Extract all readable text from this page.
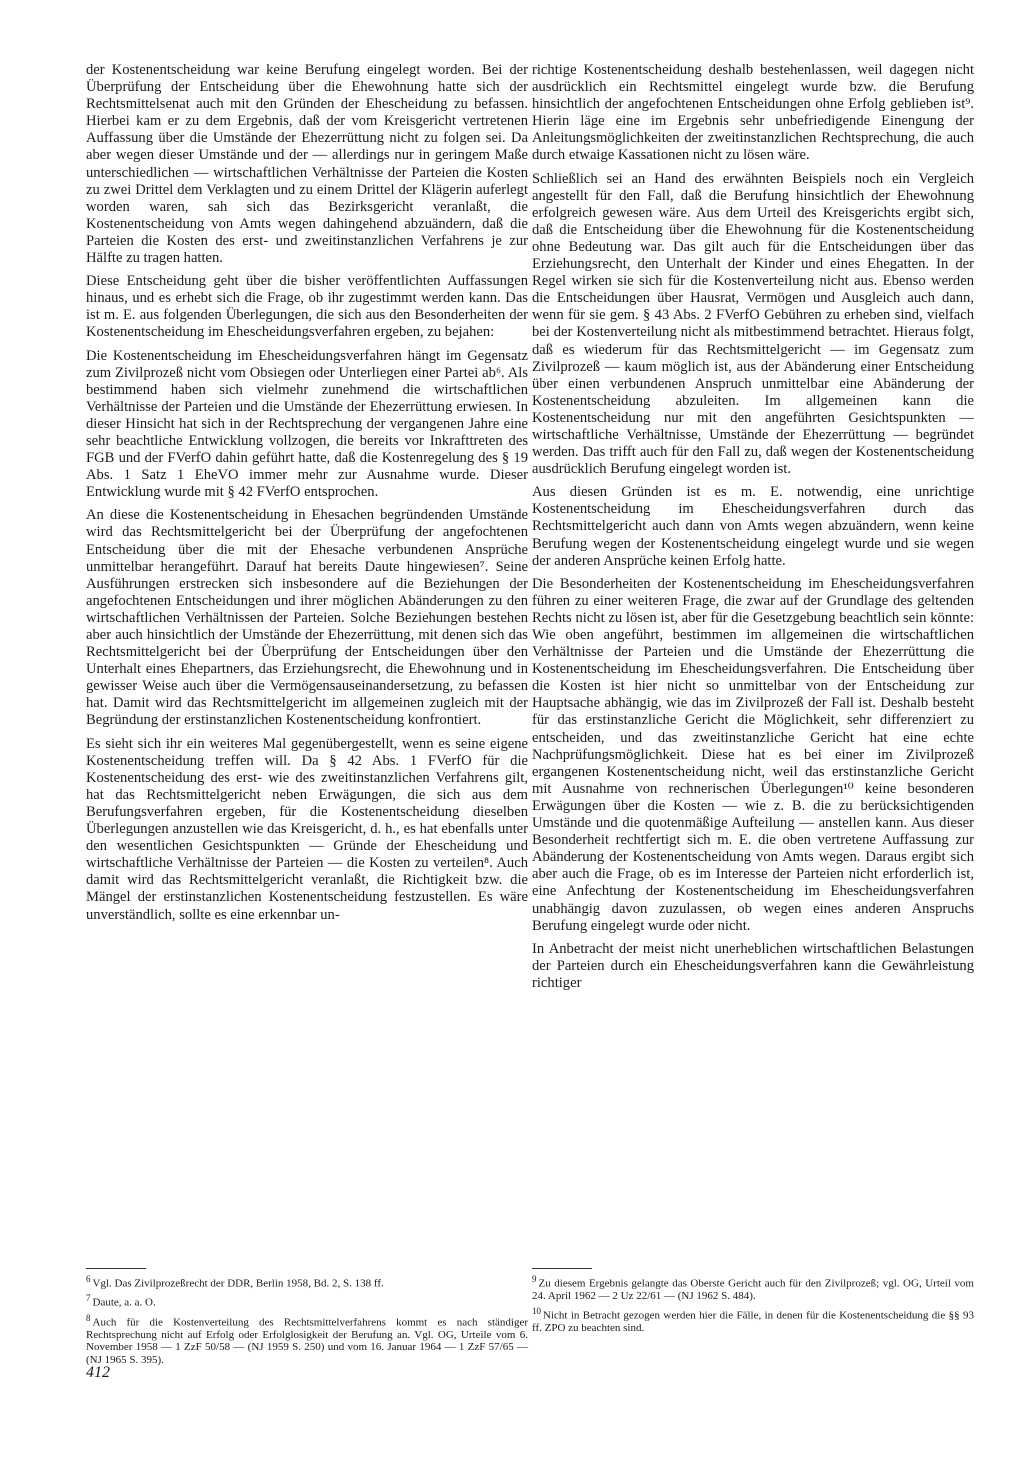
der Kostenentscheidung war keine Berufung eingelegt worden. Bei der Überprüfung der Entscheidung über die Ehewohnung hatte sich der Rechtsmittelsenat auch mit den Gründen der Ehescheidung zu befassen. Hierbei kam er zu dem Ergebnis, daß der vom Kreisgericht vertretenen Auffassung über die Umstände der Ehezerrüttung nicht zu folgen sei. Da aber wegen dieser Umstände und der — allerdings nur in geringem Maße unterschiedlichen — wirtschaftlichen Verhältnisse der Parteien die Kosten zu zwei Drittel dem Verklagten und zu einem Drittel der Klägerin auferlegt worden waren, sah sich das Bezirksgericht veranlaßt, die Kostenentscheidung von Amts wegen dahingehend abzuändern, daß die Parteien die Kosten des erst- und zweitinstanzlichen Verfahrens je zur Hälfte zu tragen hatten.

Diese Entscheidung geht über die bisher veröffentlichten Auffassungen hinaus, und es erhebt sich die Frage, ob ihr zugestimmt werden kann. Das ist m. E. aus folgenden Überlegungen, die sich aus den Besonderheiten der Kostenentscheidung im Ehescheidungsverfahren ergeben, zu bejahen:

Die Kostenentscheidung im Ehescheidungsverfahren hängt im Gegensatz zum Zivilprozeß nicht vom Obsiegen oder Unterliegen einer Partei ab⁶. Als bestimmend haben sich vielmehr zunehmend die wirtschaftlichen Verhältnisse der Parteien und die Umstände der Ehezerrüttung erwiesen. In dieser Hinsicht hat sich in der Rechtsprechung der vergangenen Jahre eine sehr beachtliche Entwicklung vollzogen, die bereits vor Inkrafttreten des FGB und der FVerfO dahin geführt hatte, daß die Kostenregelung des § 19 Abs. 1 Satz 1 EheVO immer mehr zur Ausnahme wurde. Dieser Entwicklung wurde mit § 42 FVerfO entsprochen.

An diese die Kostenentscheidung in Ehesachen begründenden Umstände wird das Rechtsmittelgericht bei der Überprüfung der angefochtenen Entscheidung über die mit der Ehesache verbundenen Ansprüche unmittelbar herangeführt. Darauf hat bereits Daute hingewiesen⁷. Seine Ausführungen erstrecken sich insbesondere auf die Beziehungen der angefochtenen Entscheidungen und ihrer möglichen Abänderungen zu den wirtschaftlichen Verhältnissen der Parteien. Solche Beziehungen bestehen aber auch hinsichtlich der Umstände der Ehezerrüttung, mit denen sich das Rechtsmittelgericht bei der Überprüfung der Entscheidungen über den Unterhalt eines Ehepartners, das Erziehungsrecht, die Ehewohnung und in gewisser Weise auch über die Vermögensauseinandersetzung, zu befassen hat. Damit wird das Rechtsmittelgericht im allgemeinen zugleich mit der Begründung der erstinstanzlichen Kostenentscheidung konfrontiert.

Es sieht sich ihr ein weiteres Mal gegenübergestellt, wenn es seine eigene Kostenentscheidung treffen will. Da § 42 Abs. 1 FVerfO für die Kostenentscheidung des erst- wie des zweitinstanzlichen Verfahrens gilt, hat das Rechtsmittelgericht neben Erwägungen, die sich aus dem Berufungsverfahren ergeben, für die Kostenentscheidung dieselben Überlegungen anzustellen wie das Kreisgericht, d. h., es hat ebenfalls unter den wesentlichen Gesichtspunkten — Gründe der Ehescheidung und wirtschaftliche Verhältnisse der Parteien — die Kosten zu verteilen⁸. Auch damit wird das Rechtsmittelgericht veranlaßt, die Richtigkeit bzw. die Mängel der erstinstanzlichen Kostenentscheidung festzustellen. Es wäre unverständlich, sollte es eine erkennbar un-

$^6$ Vgl. Das Zivilprozeßrecht der DDR, Berlin 1958, Bd. 2, S. 138 ff.

$^7$ Daute, a. a. O.

$^8$ Auch für die Kostenverteilung des Rechtsmittelverfahrens kommt es nach ständiger Rechtsprechung nicht auf Erfolg oder Erfolglosigkeit der Berufung an. Vgl. OG, Urteile vom 6. November 1958 — 1 ZzF 50/58 — (NJ 1959 S. 250) und vom 16. Januar 1964 — 1 ZzF 57/65 — (NJ 1965 S. 395).

richtige Kostenentscheidung deshalb bestehenlassen, weil dagegen nicht ausdrücklich ein Rechtsmittel eingelegt wurde bzw. die Berufung hinsichtlich der angefochtenen Entscheidungen ohne Erfolg geblieben ist⁹. Hierin läge eine im Ergebnis sehr unbefriedigende Einengung der Anleitungsmöglichkeiten der zweitinstanzlichen Rechtsprechung, die auch durch etwaige Kassationen nicht zu lösen wäre.

Schließlich sei an Hand des erwähnten Beispiels noch ein Vergleich angestellt für den Fall, daß die Berufung hinsichtlich der Ehewohnung erfolgreich gewesen wäre. Aus dem Urteil des Kreisgerichts ergibt sich, daß die Entscheidung über die Ehewohnung für die Kostenentscheidung ohne Bedeutung war. Das gilt auch für die Entscheidungen über das Erziehungsrecht, den Unterhalt der Kinder und eines Ehegatten. In der Regel wirken sie sich für die Kostenverteilung nicht aus. Ebenso werden die Entscheidungen über Hausrat, Vermögen und Ausgleich auch dann, wenn für sie gem. § 43 Abs. 2 FVerfO Gebühren zu erheben sind, vielfach bei der Kostenverteilung nicht als mitbestimmend betrachtet. Hieraus folgt, daß es wiederum für das Rechtsmittelgericht — im Gegensatz zum Zivilprozeß — kaum möglich ist, aus der Abänderung einer Entscheidung über einen verbundenen Anspruch unmittelbar eine Abänderung der Kostenentscheidung abzuleiten. Im allgemeinen kann die Kostenentscheidung nur mit den angeführten Gesichtspunkten — wirtschaftliche Verhältnisse, Umstände der Ehezerrüttung — begründet werden. Das trifft auch für den Fall zu, daß wegen der Kostenentscheidung ausdrücklich Berufung eingelegt worden ist.

Aus diesen Gründen ist es m. E. notwendig, eine unrichtige Kostenentscheidung im Ehescheidungsverfahren durch das Rechtsmittelgericht auch dann von Amts wegen abzuändern, wenn keine Berufung wegen der Kostenentscheidung eingelegt wurde und sie wegen der anderen Ansprüche keinen Erfolg hatte.

Die Besonderheiten der Kostenentscheidung im Ehescheidungsverfahren führen zu einer weiteren Frage, die zwar auf der Grundlage des geltenden Rechts nicht zu lösen ist, aber für die Gesetzgebung beachtlich sein könnte: Wie oben angeführt, bestimmen im allgemeinen die wirtschaftlichen Verhältnisse der Parteien und die Umstände der Ehezerrüttung die Kostenentscheidung im Ehescheidungsverfahren. Die Entscheidung über die Kosten ist hier nicht so unmittelbar von der Entscheidung zur Hauptsache abhängig, wie das im Zivilprozeß der Fall ist. Deshalb besteht für das erstinstanzliche Gericht die Möglichkeit, sehr differenziert zu entscheiden, und das zweitinstanzliche Gericht hat eine echte Nachprüfungsmöglichkeit. Diese hat es bei einer im Zivilprozeß ergangenen Kostenentscheidung nicht, weil das erstinstanzliche Gericht mit Ausnahme von rechnerischen Überlegungen¹⁰ keine besonderen Erwägungen über die Kosten — wie z. B. die zu berücksichtigenden Umstände und die quotenmäßige Aufteilung — anstellen kann. Aus dieser Besonderheit rechtfertigt sich m. E. die oben vertretene Auffassung zur Abänderung der Kostenentscheidung von Amts wegen. Daraus ergibt sich aber auch die Frage, ob es im Interesse der Parteien nicht erforderlich ist, eine Anfechtung der Kostenentscheidung im Ehescheidungsverfahren unabhängig davon zuzulassen, ob wegen eines anderen Anspruchs Berufung eingelegt wurde oder nicht.

In Anbetracht der meist nicht unerheblichen wirtschaftlichen Belastungen der Parteien durch ein Ehescheidungsverfahren kann die Gewährleistung richtiger

$^9$ Zu diesem Ergebnis gelangte das Oberste Gericht auch für den Zivilprozeß; vgl. OG, Urteil vom 24. April 1962 — 2 Uz 22/61 — (NJ 1962 S. 484).

$^{10}$ Nicht in Betracht gezogen werden hier die Fälle, in denen für die Kostenentscheidung die §§ 93 ff. ZPO zu beachten sind.

412
